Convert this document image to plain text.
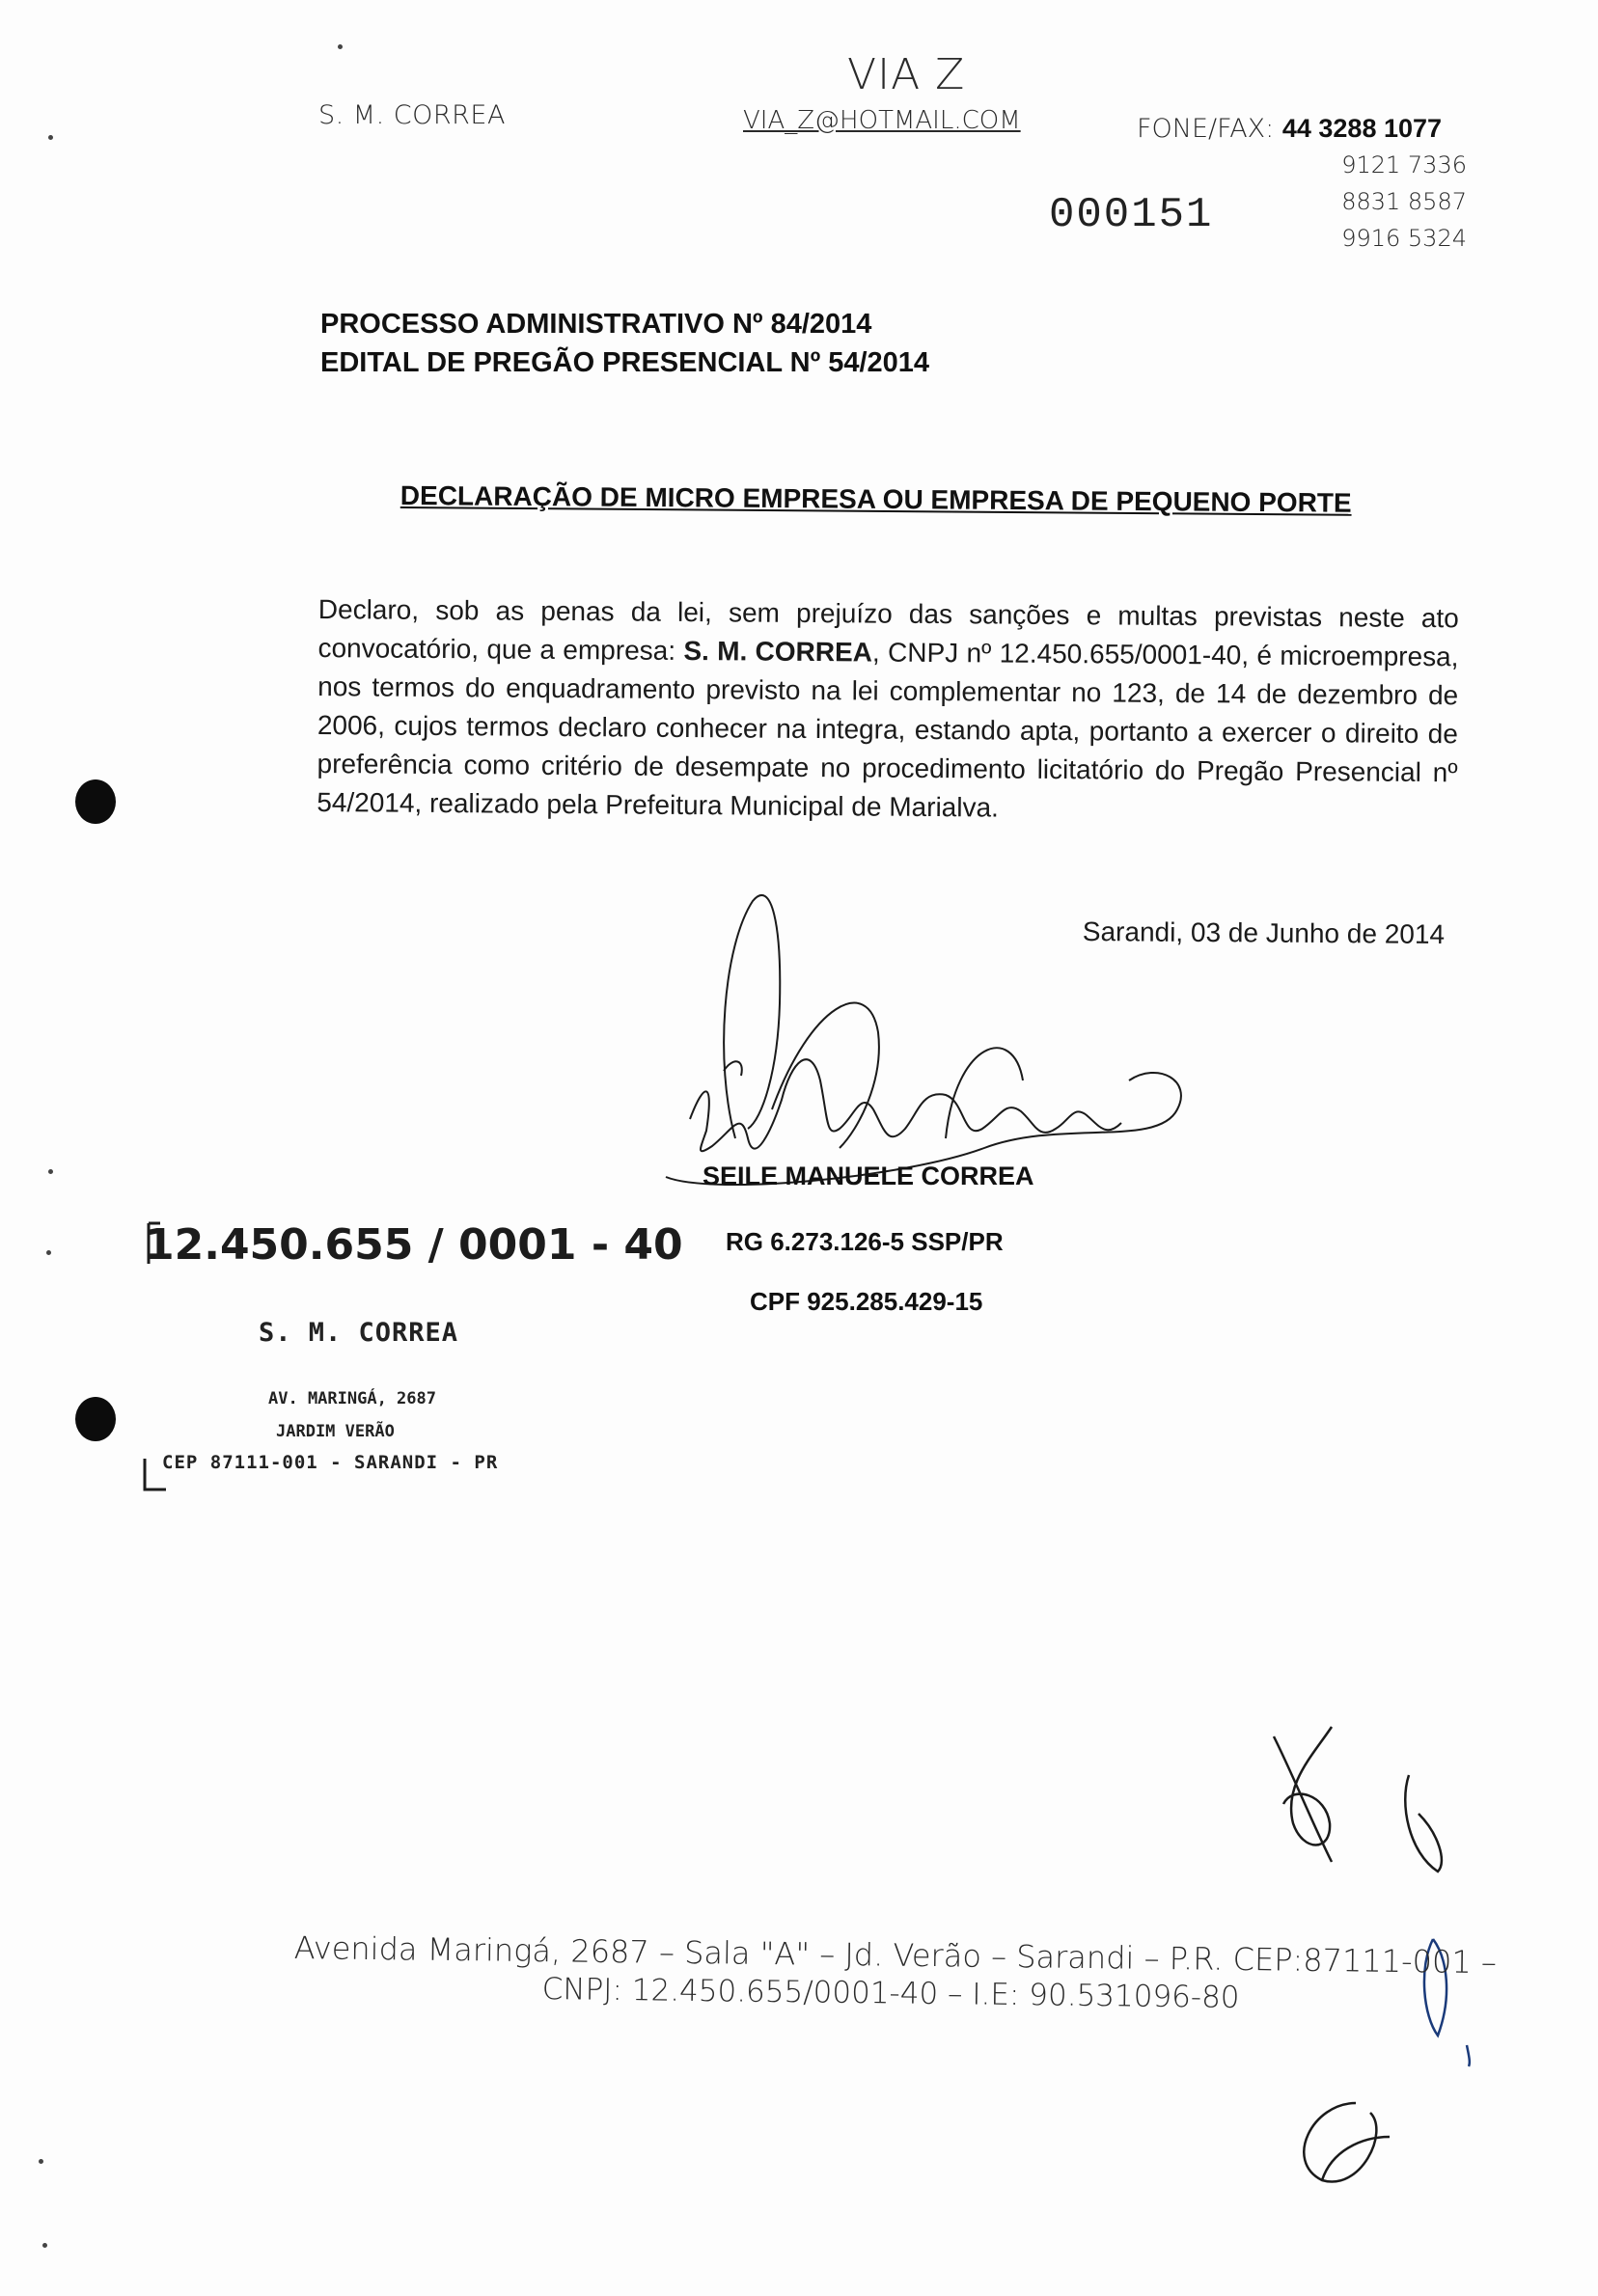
S. M. CORREA
VIA Z
VIA_Z@HOTMAIL.COM	FONE/FAX: 44 3288 1077
9121 7336
8831 8587
9916 5324
000151
PROCESSO ADMINISTRATIVO Nº 84/2014
EDITAL DE PREGÃO PRESENCIAL Nº 54/2014
DECLARAÇÃO DE MICRO EMPRESA OU EMPRESA DE PEQUENO PORTE
Declaro, sob as penas da lei, sem prejuízo das sanções e multas previstas neste ato convocatório, que a empresa: S. M. CORREA, CNPJ nº 12.450.655/0001-40, é microempresa, nos termos do enquadramento previsto na lei complementar no 123, de 14 de dezembro de 2006, cujos termos declaro conhecer na integra, estando apta, portanto a exercer o direito de preferência como critério de desempate no procedimento licitatório do Pregão Presencial nº 54/2014, realizado pela Prefeitura Municipal de Marialva.
Sarandi, 03 de Junho de 2014
SEILE MANUELE CORREA
RG 6.273.126-5 SSP/PR
CPF 925.285.429-15
12.450.655 / 0001 - 40
S. M. CORREA
AV. MARINGÁ, 2687
JARDIM VERÃO
CEP 87111-001 - SARANDI - PR
Avenida Maringá, 2687 – Sala "A" – Jd. Verão – Sarandi – P.R. CEP:87111-001 –
CNPJ: 12.450.655/0001-40 – I.E: 90.531096-80
